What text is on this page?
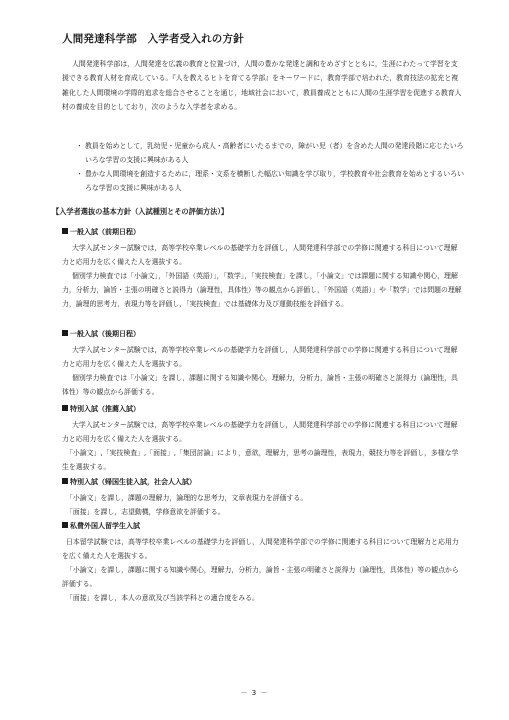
人間発達科学部　入学者受入れの方針

人間発達科学部は，人間発達を広義の教育と位置づけ，人間の豊かな発達と調和をめざすとともに，生涯にわたって学習を支援できる教育人材を育成している。『人を教えるヒトを育てる学部』をキーワードに，教育学部で培われた，教育技法の拡充と複雑化した人間環境の学際的追求を総合させることを通じ，地域社会において，教員養成とともに人間の生涯学習を促進する教育人材の養成を目的としており，次のような入学者を求める。

・ 教員を始めとして，乳幼児・児童から成人・高齢者にいたるまでの，障がい児（者）を含めた人間の発達段階に応じたいろいろな学習の支援に興味がある人

・ 豊かな人間環境を創造するために，理系・文系を横断した幅広い知識を学び取り，学校教育や社会教育を始めとするいろいろな学習の支援に興味がある人

【入学者選抜の基本方針（入試種別とその評価方法）】
一般入試（前期日程）

大学入試センター試験では，高等学校卒業レベルの基礎学力を評価し，人間発達科学部での学修に関連する科目について理解力と応用力を広く備えた人を選抜する。

個別学力検査では「小論文」，「外国語（英語）」，「数学」，「実技検査」を課し，「小論文」では課題に関する知識や関心，理解力，分析力，論旨・主張の明確さと説得力（論理性，具体性）等の観点から評価し，「外国語（英語）」や「数学」では問題の理解力，論理的思考力，表現力等を評価し，「実技検査」では基礎体力及び運動技能を評価する。

一般入試（後期日程）

大学入試センター試験では，高等学校卒業レベルの基礎学力を評価し，人間発達科学部での学修に関連する科目について理解力と応用力を広く備えた人を選抜する。

個別学力検査では「小論文」を課し，課題に関する知識や関心，理解力，分析力，論旨・主張の明確さと説得力（論理性，具体性）等の観点から評価する。

特別入試（推薦入試）

大学入試センター試験では，高等学校卒業レベルの基礎学力を評価し，人間発達科学部での学修に関連する科目について理解力と応用力を広く備えた人を選抜する。

「小論文」,「実技検査」,「面接」,「集団討論」により，意欲，理解力，思考の論理性，表現力，競技力等を評価し，多様な学生を選抜する。

特別入試（帰国生徒入試，社会人入試）

「小論文」を課し，課題の理解力，論理的な思考力，文章表現力を評価する。

「面接」を課し，志望動機，学修意欲を評価する。

私費外国人留学生入試

日本留学試験では，高等学校卒業レベルの基礎学力を評価し，人間発達科学部での学修に関連する科目について理解力と応用力を広く備えた人を選抜する。

「小論文」を課し，課題に関する知識や関心，理解力，分析力，論旨・主張の明確さと説得力（論理性，具体性）等の観点から評価する。

「面接」を課し，本人の意欲及び当該学科との適合度をみる。

－ 3 －
